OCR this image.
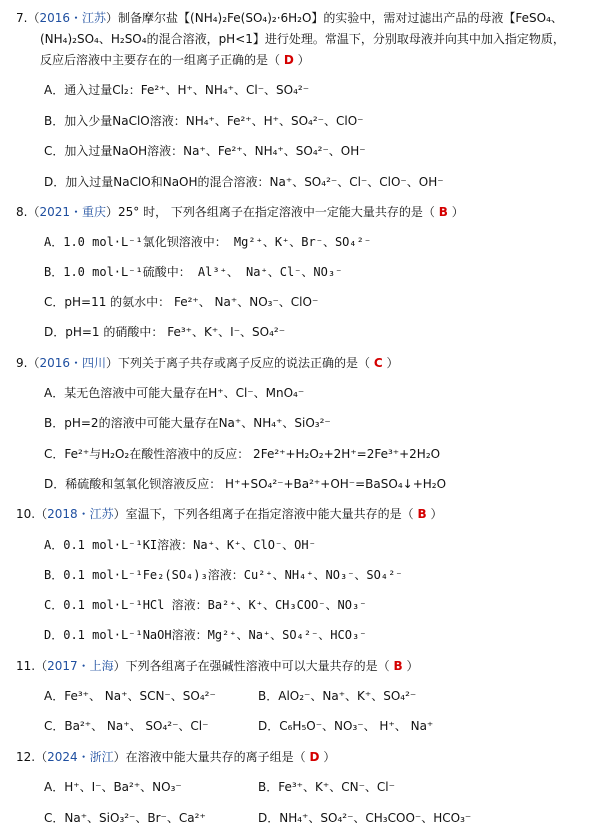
7.（2016・江苏）制备摩尔盐【(NH₄)₂Fe(SO₄)₂·6H₂O】的实验中，需对过滤出产品的母液【FeSO₄、
(NH₄)₂SO₄、H₂SO₄的混合溶液，pH<1】进行处理。常温下，分别取母液并向其中加入指定物质，
反应后溶液中主要存在的一组离子正确的是（ D ）
A．通入过量Cl₂：Fe²⁺、H⁺、NH₄⁺、Cl⁻、SO₄²⁻
B．加入少量NaClO溶液：NH₄⁺、Fe²⁺、H⁺、SO₄²⁻、ClO⁻
C．加入过量NaOH溶液：Na⁺、Fe²⁺、NH₄⁺、SO₄²⁻、OH⁻
D．加入过量NaClO和NaOH的混合溶液：Na⁺、SO₄²⁻、Cl⁻、ClO⁻、OH⁻
8.（2021・重庆）25° 时， 下列各组离子在指定溶液中一定能大量共存的是（ B ）
A．1.0 mol·L⁻¹氯化钡溶液中： Mg²⁺、K⁺、Br⁻、SO₄²⁻
B．1.0 mol·L⁻¹硫酸中： Al³⁺、 Na⁺、Cl⁻、NO₃⁻
C．pH=11 的氨水中： Fe²⁺、 Na⁺、NO₃⁻、ClO⁻
D．pH=1 的硝酸中： Fe³⁺、K⁺、I⁻、SO₄²⁻
9.（2016・四川）下列关于离子共存或离子反应的说法正确的是（ C ）
A．某无色溶液中可能大量存在H⁺、Cl⁻、MnO₄⁻
B．pH=2的溶液中可能大量存在Na⁺、NH₄⁺、SiO₃²⁻
C．Fe²⁺与H₂O₂在酸性溶液中的反应： 2Fe²⁺+H₂O₂+2H⁺=2Fe³⁺+2H₂O
D．稀硫酸和氢氧化钡溶液反应： H⁺+SO₄²⁻+Ba²⁺+OH⁻=BaSO₄↓+H₂O
10.（2018・江苏）室温下，下列各组离子在指定溶液中能大量共存的是（ B ）
A．0.1 mol·L⁻¹KI溶液：Na⁺、K⁺、ClO⁻、OH⁻
B．0.1 mol·L⁻¹Fe₂(SO₄)₃溶液：Cu²⁺、NH₄⁺、NO₃⁻、SO₄²⁻
C．0.1 mol·L⁻¹HCl 溶液：Ba²⁺、K⁺、CH₃COO⁻、NO₃⁻
D．0.1 mol·L⁻¹NaOH溶液：Mg²⁺、Na⁺、SO₄²⁻、HCO₃⁻
11.（2017・上海）下列各组离子在强碱性溶液中可以大量共存的是（ B ）
A．Fe³⁺、 Na⁺、SCN⁻、SO₄²⁻	B．AlO₂⁻、Na⁺、K⁺、SO₄²⁻
C．Ba²⁺、 Na⁺、 SO₄²⁻、Cl⁻	D．C₆H₅O⁻、NO₃⁻、 H⁺、 Na⁺
12.（2024・浙江）在溶液中能大量共存的离子组是（ D ）
A．H⁺、I⁻、Ba²⁺、NO₃⁻	B．Fe³⁺、K⁺、CN⁻、Cl⁻
C．Na⁺、SiO₃²⁻、Br⁻、Ca²⁺	D．NH₄⁺、SO₄²⁻、CH₃COO⁻、HCO₃⁻
